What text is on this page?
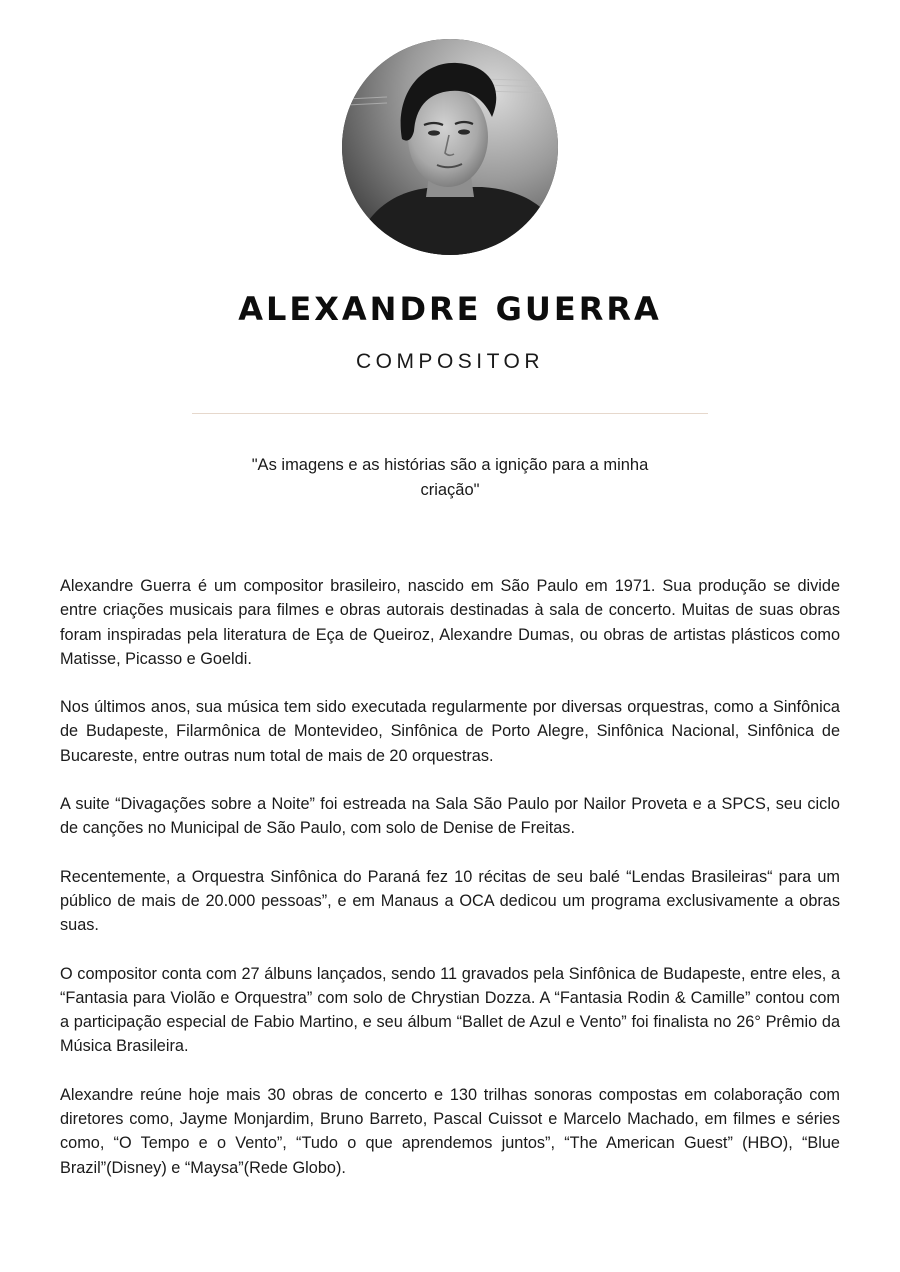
ALEXANDRE GUERRA
COMPOSITOR

"As imagens e as histórias são a ignição para a minha criação"

Alexandre Guerra é um compositor brasileiro, nascido em São Paulo em 1971. Sua produção se divide entre criações musicais para filmes e obras autorais destinadas à sala de concerto. Muitas de suas obras foram inspiradas pela literatura de Eça de Queiroz, Alexandre Dumas, ou obras de artistas plásticos como Matisse, Picasso e Goeldi.

Nos últimos anos, sua música tem sido executada regularmente por diversas orquestras, como a Sinfônica de Budapeste, Filarmônica de Montevideo, Sinfônica de Porto Alegre, Sinfônica Nacional, Sinfônica de Bucareste, entre outras num total de mais de 20 orquestras.

A suite “Divagações sobre a Noite” foi estreada na Sala São Paulo por Nailor Proveta e a SPCS, seu ciclo de canções no Municipal de São Paulo, com solo de Denise de Freitas.

Recentemente, a Orquestra Sinfônica do Paraná fez 10 récitas de seu balé “Lendas Brasileiras“ para um público de mais de 20.000 pessoas”, e em Manaus a OCA dedicou um programa exclusivamente a obras suas.

O compositor conta com 27 álbuns lançados, sendo 11 gravados pela Sinfônica de Budapeste, entre eles, a “Fantasia para Violão e Orquestra” com solo de Chrystian Dozza. A “Fantasia Rodin & Camille” contou com a participação especial de Fabio Martino, e seu álbum “Ballet de Azul e Vento” foi finalista no 26° Prêmio da Música Brasileira.

Alexandre reúne hoje mais 30 obras de concerto e 130 trilhas sonoras compostas em colaboração com diretores como, Jayme Monjardim, Bruno Barreto, Pascal Cuissot e Marcelo Machado, em filmes e séries como, “O Tempo e o Vento”, “Tudo o que aprendemos juntos”, “The American Guest” (HBO), “Blue Brazil”(Disney) e “Maysa”(Rede Globo).
